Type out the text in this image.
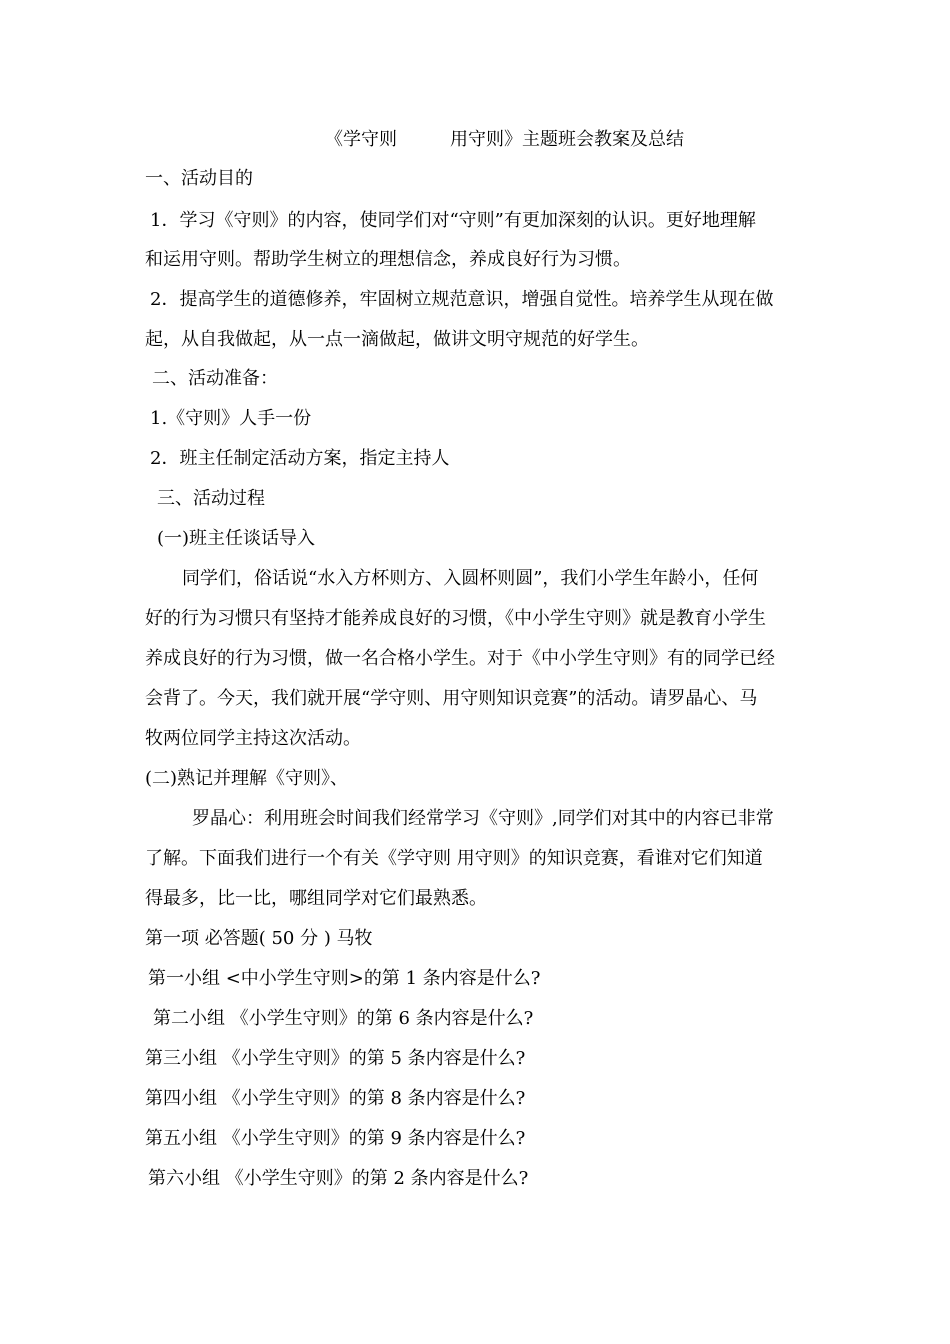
《学守则	用守则》主题班会教案及总结
一、活动目的
1．学习《守则》的内容，使同学们对“守则”有更加深刻的认识。更好地理解
和运用守则。帮助学生树立的理想信念，养成良好行为习惯。
2．提高学生的道德修养，牢固树立规范意识，增强自觉性。培养学生从现在做
起，从自我做起，从一点一滴做起，做讲文明守规范的好学生。
二、活动准备：
1.《守则》人手一份
2．班主任制定活动方案，指定主持人
三、活动过程
(一)班主任谈话导入
同学们，俗话说“水入方杯则方、入圆杯则圆”，我们小学生年龄小，任何
好的行为习惯只有坚持才能养成良好的习惯，《中小学生守则》就是教育小学生
养成良好的行为习惯，做一名合格小学生。对于《中小学生守则》有的同学已经
会背了。今天，我们就开展“学守则、用守则知识竞赛”的活动。请罗晶心、马
牧两位同学主持这次活动。
(二)熟记并理解《守则》、
罗晶心：利用班会时间我们经常学习《守则》,同学们对其中的内容已非常
了解。下面我们进行一个有关《学守则 用守则》的知识竞赛，看谁对它们知道
得最多，比一比，哪组同学对它们最熟悉。
第一项 必答题( 50 分 ) 马牧
第一小组 <中小学生守则>的第 1 条内容是什么?
第二小组 《小学生守则》的第 6 条内容是什么?
第三小组 《小学生守则》的第 5 条内容是什么?
第四小组 《小学生守则》的第 8 条内容是什么?
第五小组 《小学生守则》的第 9 条内容是什么?
第六小组 《小学生守则》的第 2 条内容是什么?
